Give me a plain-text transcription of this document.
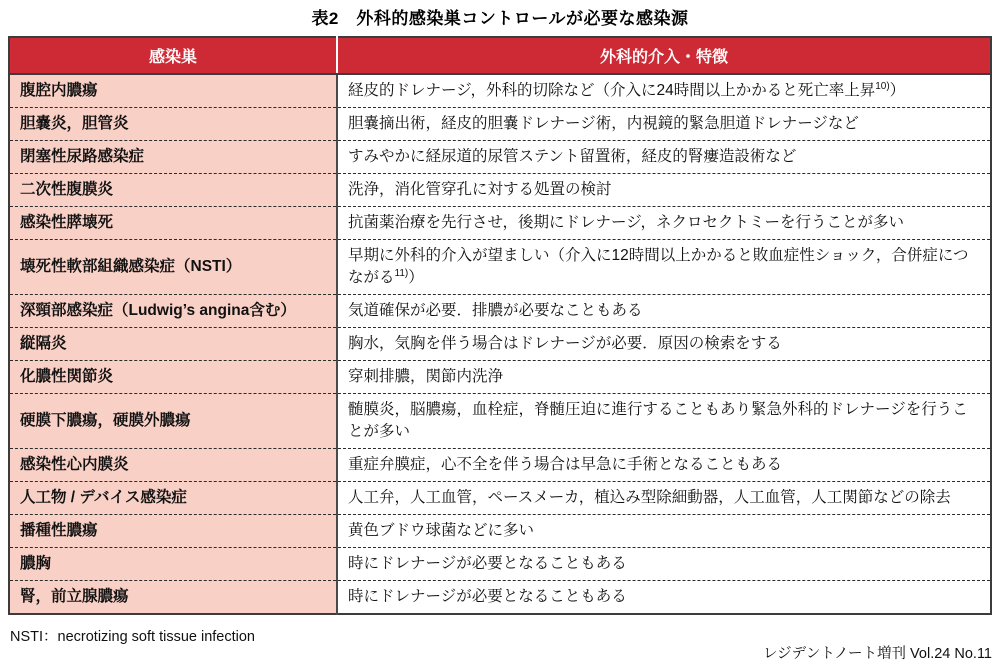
表2　外科的感染巣コントロールが必要な感染源
感染巣	外科的介入・特徴
腹腔内膿瘍	経皮的ドレナージ，外科的切除など（介入に24時間以上かかると死亡率上昇$^{10)}$）
胆嚢炎，胆管炎	胆嚢摘出術，経皮的胆嚢ドレナージ術，内視鏡的緊急胆道ドレナージなど
閉塞性尿路感染症	すみやかに経尿道的尿管ステント留置術，経皮的腎瘻造設術など
二次性腹膜炎	洗浄，消化管穿孔に対する処置の検討
感染性膵壊死	抗菌薬治療を先行させ，後期にドレナージ，ネクロセクトミーを行うことが多い
壊死性軟部組織感染症（NSTI）	早期に外科的介入が望ましい（介入に12時間以上かかると敗血症性ショック，合併症につながる$^{11)}$）
深頸部感染症（Ludwig’s angina含む）	気道確保が必要．排膿が必要なこともある
縦隔炎	胸水，気胸を伴う場合はドレナージが必要．原因の検索をする
化膿性関節炎	穿刺排膿，関節内洗浄
硬膜下膿瘍，硬膜外膿瘍	髄膜炎，脳膿瘍，血栓症，脊髄圧迫に進行することもあり緊急外科的ドレナージを行うことが多い
感染性心内膜炎	重症弁膜症，心不全を伴う場合は早急に手術となることもある
人工物 / デバイス感染症	人工弁，人工血管，ペースメーカ，植込み型除細動器，人工血管，人工関節などの除去
播種性膿瘍	黄色ブドウ球菌などに多い
膿胸	時にドレナージが必要となることもある
腎，前立腺膿瘍	時にドレナージが必要となることもある
NSTI：necrotizing soft tissue infection
レジデントノート増刊 Vol.24 No.11
